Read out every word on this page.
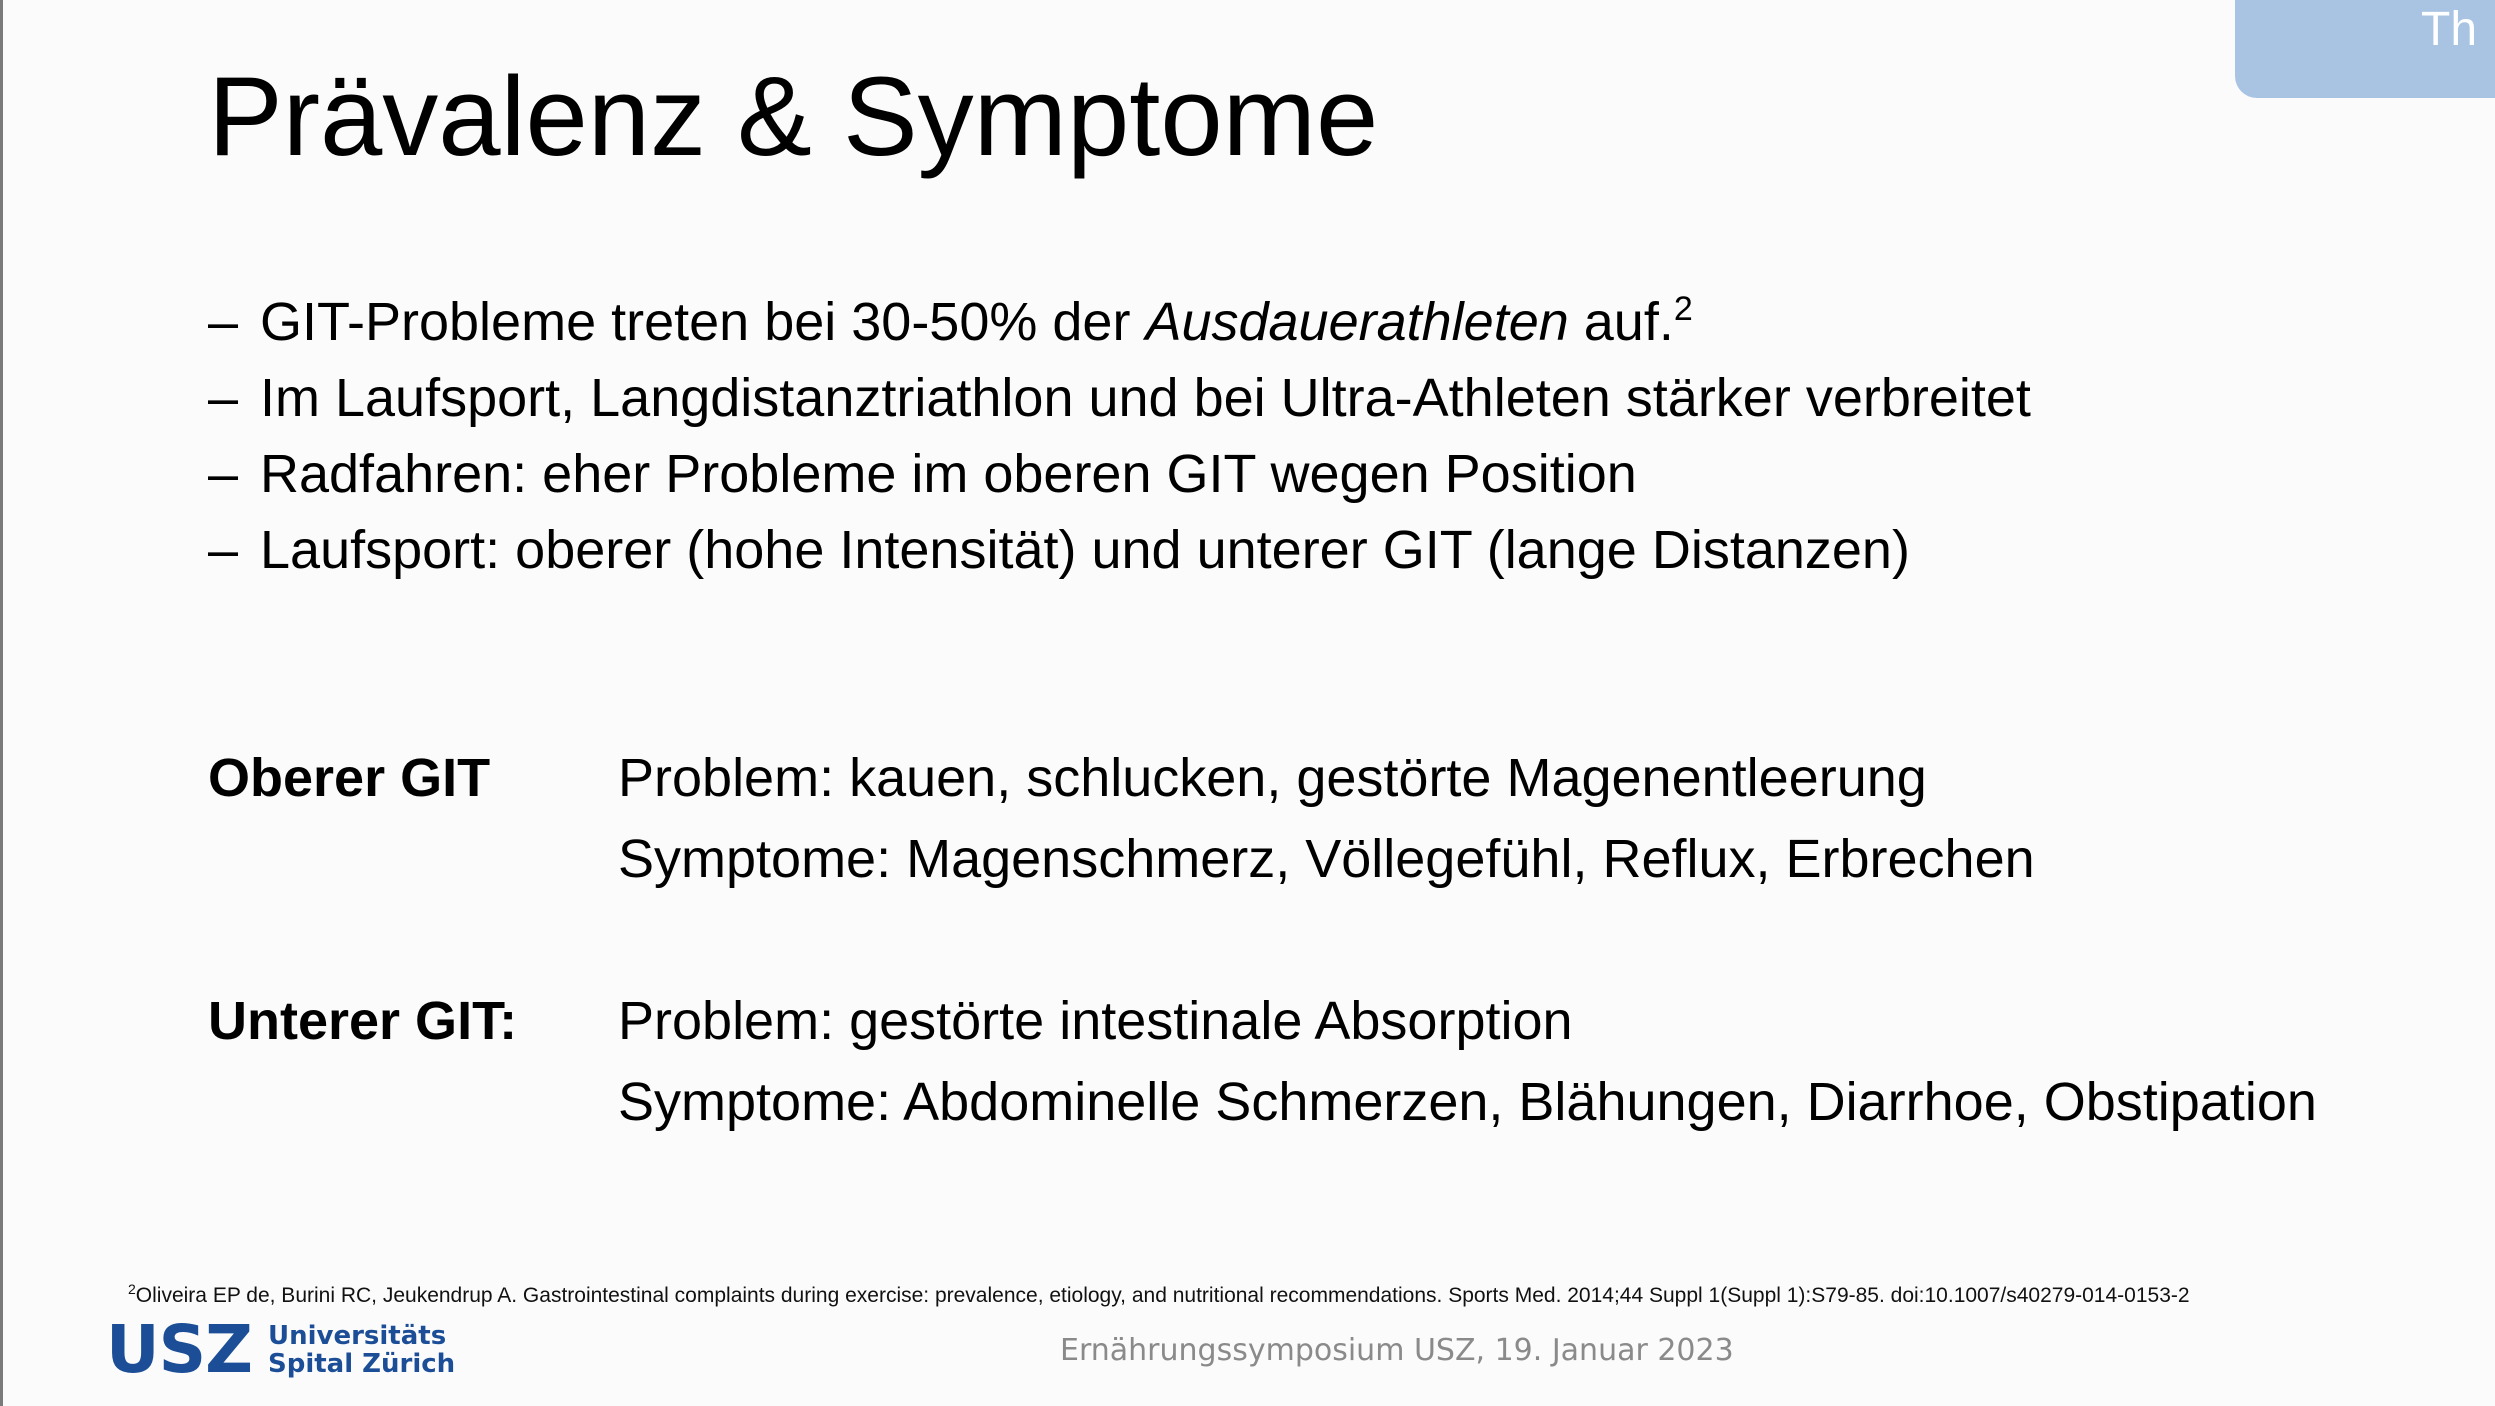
Th
Prävalenz & Symptome
– GIT-Probleme treten bei 30-50% der Ausdauerathleten auf.$^2$
– Im Laufsport, Langdistanztriathlon und bei Ultra-Athleten stärker verbreitet
– Radfahren: eher Probleme im oberen GIT wegen Position
– Laufsport: oberer (hohe Intensität) und unterer GIT (lange Distanzen)
Oberer GIT Problem: kauen, schlucken, gestörte Magenentleerung
Symptome: Magenschmerz, Völlegefühl, Reflux, Erbrechen
Unterer GIT: Problem: gestörte intestinale Absorption
Symptome: Abdominelle Schmerzen, Blähungen, Diarrhoe, Obstipation
$^2$Oliveira EP de, Burini RC, Jeukendrup A. Gastrointestinal complaints during exercise: prevalence, etiology, and nutritional recommendations. Sports Med. 2014;44 Suppl 1(Suppl 1):S79-85. doi:10.1007/s40279-014-0153-2
USZ Universitäts
Spital Zürich	Ernährungssymposium USZ, 19. Januar 2023
